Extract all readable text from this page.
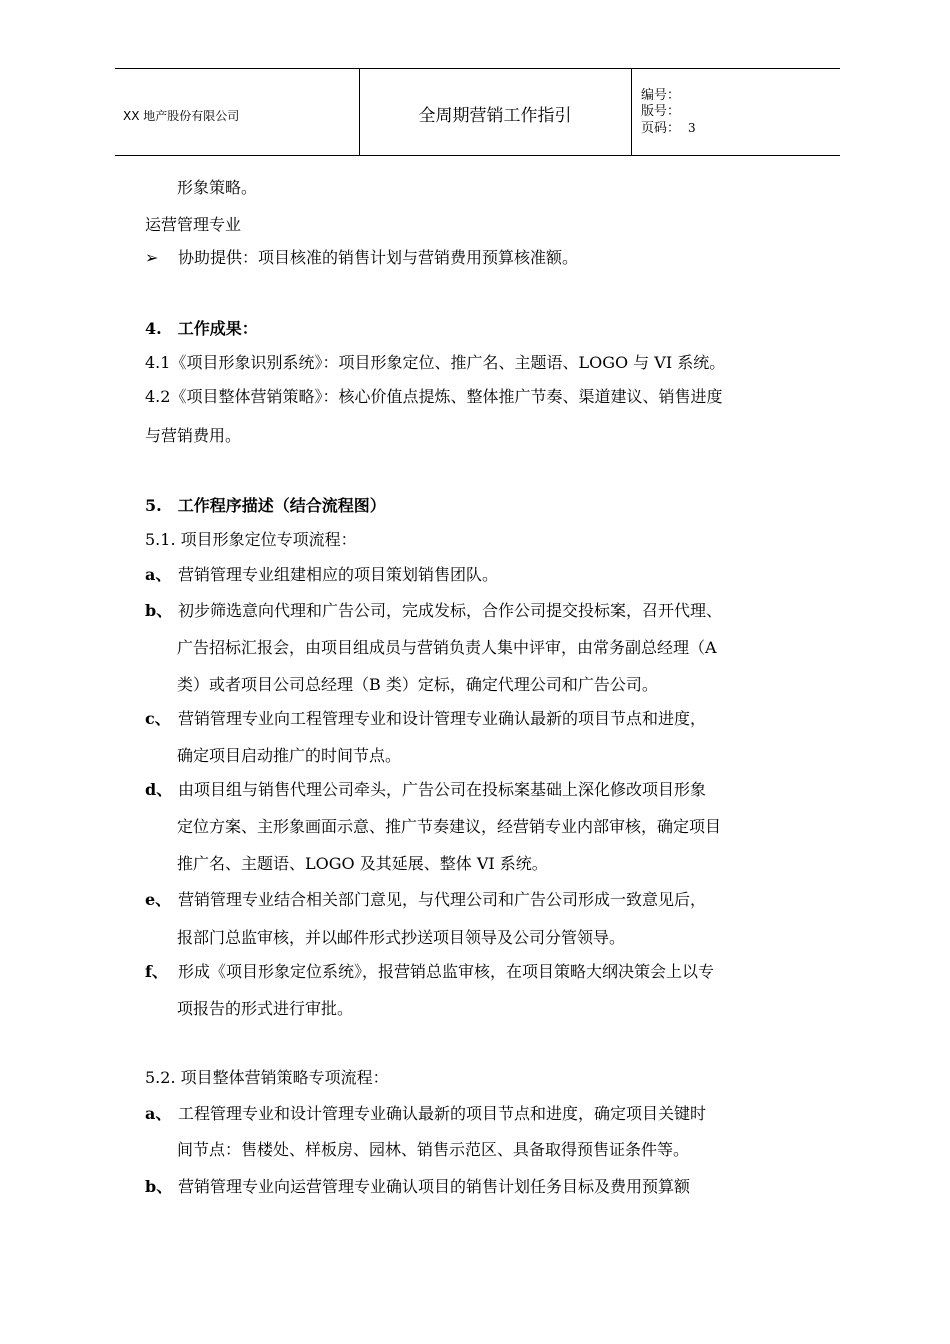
XX 地产股份有限公司	全周期营销工作指引
编号：
版号：
页码： 3
形象策略。
运营管理专业
➢ 协助提供：项目核准的销售计划与营销费用预算核准额。
4.　工作成果：
4.1《项目形象识别系统》：项目形象定位、推广名、主题语、LOGO 与 VI 系统。
4.2《项目整体营销策略》：核心价值点提炼、整体推广节奏、渠道建议、销售进度
与营销费用。
5.　工作程序描述（结合流程图）
5.1. 项目形象定位专项流程：
a、 营销管理专业组建相应的项目策划销售团队。
b、 初步筛选意向代理和广告公司，完成发标，合作公司提交投标案，召开代理、
广告招标汇报会，由项目组成员与营销负责人集中评审，由常务副总经理（A
类）或者项目公司总经理（B 类）定标，确定代理公司和广告公司。
c、 营销管理专业向工程管理专业和设计管理专业确认最新的项目节点和进度，
确定项目启动推广的时间节点。
d、 由项目组与销售代理公司牵头，广告公司在投标案基础上深化修改项目形象
定位方案、主形象画面示意、推广节奏建议，经营销专业内部审核，确定项目
推广名、主题语、LOGO 及其延展、整体 VI 系统。
e、 营销管理专业结合相关部门意见，与代理公司和广告公司形成一致意见后，
报部门总监审核，并以邮件形式抄送项目领导及公司分管领导。
f、 形成《项目形象定位系统》，报营销总监审核，在项目策略大纲决策会上以专
项报告的形式进行审批。
5.2. 项目整体营销策略专项流程：
a、 工程管理专业和设计管理专业确认最新的项目节点和进度，确定项目关键时
间节点：售楼处、样板房、园林、销售示范区、具备取得预售证条件等。
b、 营销管理专业向运营管理专业确认项目的销售计划任务目标及费用预算额
